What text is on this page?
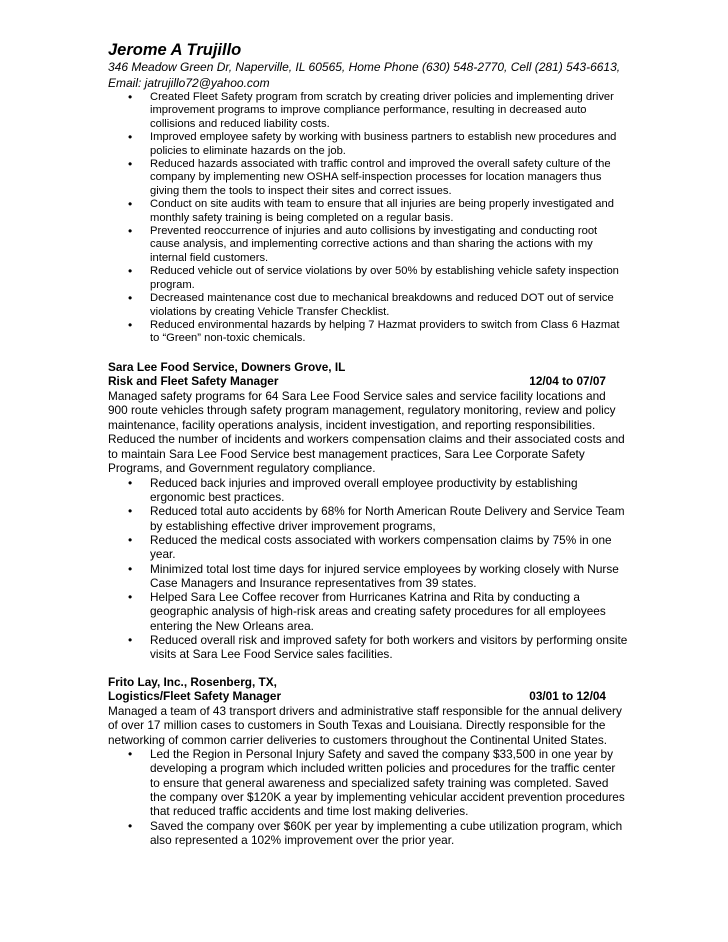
Jerome A Trujillo

346 Meadow Green Dr, Naperville, IL 60565, Home Phone (630) 548-2770, Cell (281) 543-6613,

Email: jatrujillo72@yahoo.com

• Created Fleet Safety program from scratch by creating driver policies and implementing driver improvement programs to improve compliance performance, resulting in decreased auto collisions and reduced liability costs.
• Improved employee safety by working with business partners to establish new procedures and policies to eliminate hazards on the job.
• Reduced hazards associated with traffic control and improved the overall safety culture of the company by implementing new OSHA self-inspection processes for location managers thus giving them the tools to inspect their sites and correct issues.
• Conduct on site audits with team to ensure that all injuries are being properly investigated and monthly safety training is being completed on a regular basis.
• Prevented reoccurrence of injuries and auto collisions by investigating and conducting root cause analysis, and implementing corrective actions and than sharing the actions with my internal field customers.
• Reduced vehicle out of service violations by over 50% by establishing vehicle safety inspection program.
• Decreased maintenance cost due to mechanical breakdowns and reduced DOT out of service violations by creating Vehicle Transfer Checklist.
• Reduced environmental hazards by helping 7 Hazmat providers to switch from Class 6 Hazmat to “Green” non-toxic chemicals.

Sara Lee Food Service, Downers Grove, IL

Risk and Fleet Safety Manager	12/04 to 07/07

Managed safety programs for 64 Sara Lee Food Service sales and service facility locations and 900 route vehicles through safety program management, regulatory monitoring, review and policy maintenance, facility operations analysis, incident investigation, and reporting responsibilities. Reduced the number of incidents and workers compensation claims and their associated costs and to maintain Sara Lee Food Service best management practices, Sara Lee Corporate Safety Programs, and Government regulatory compliance.

• Reduced back injuries and improved overall employee productivity by establishing ergonomic best practices.
• Reduced total auto accidents by 68% for North American Route Delivery and Service Team by establishing effective driver improvement programs,
• Reduced the medical costs associated with workers compensation claims by 75% in one year.
• Minimized total lost time days for injured service employees by working closely with Nurse Case Managers and Insurance representatives from 39 states.
• Helped Sara Lee Coffee recover from Hurricanes Katrina and Rita by conducting a geographic analysis of high-risk areas and creating safety procedures for all employees entering the New Orleans area.
• Reduced overall risk and improved safety for both workers and visitors by performing onsite visits at Sara Lee Food Service sales facilities.

Frito Lay, Inc., Rosenberg, TX,

Logistics/Fleet Safety Manager	03/01 to 12/04

Managed a team of 43 transport drivers and administrative staff responsible for the annual delivery of over 17 million cases to customers in South Texas and Louisiana. Directly responsible for the networking of common carrier deliveries to customers throughout the Continental United States.

• Led the Region in Personal Injury Safety and saved the company $33,500 in one year by developing a program which included written policies and procedures for the traffic center to ensure that general awareness and specialized safety training was completed. Saved the company over $120K a year by implementing vehicular accident prevention procedures that reduced traffic accidents and time lost making deliveries.
• Saved the company over $60K per year by implementing a cube utilization program, which also represented a 102% improvement over the prior year.
